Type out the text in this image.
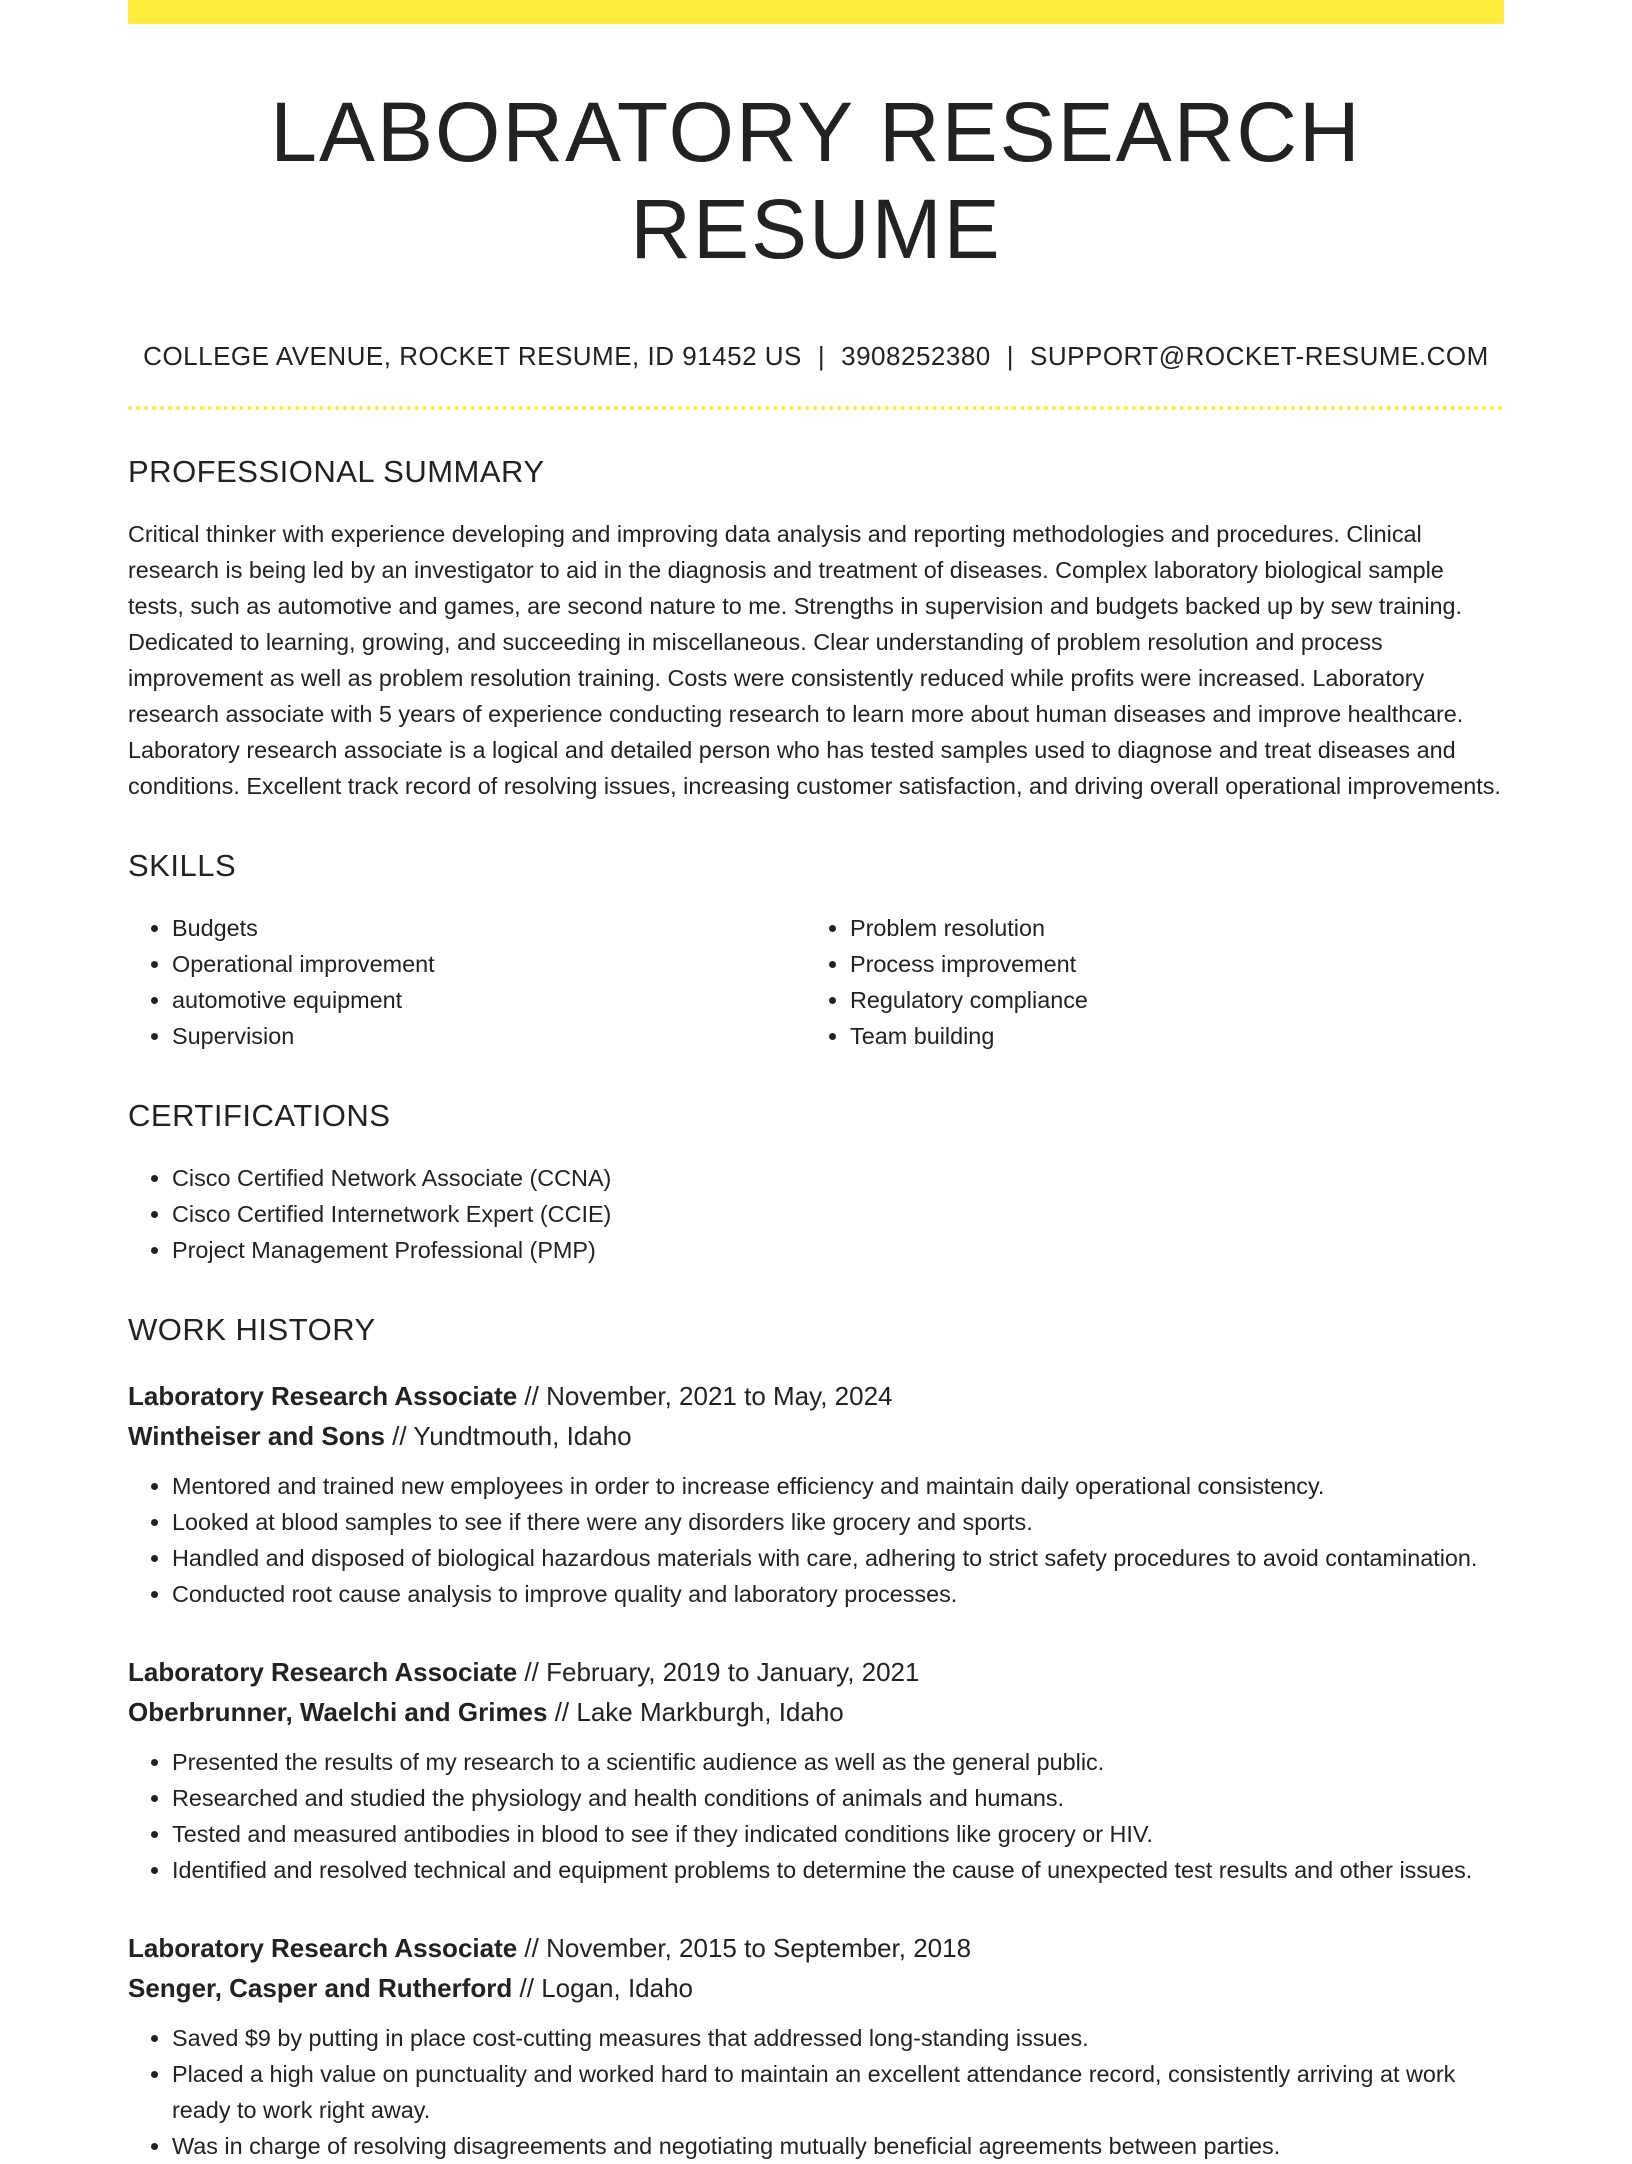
LABORATORY RESEARCH RESUME
COLLEGE AVENUE, ROCKET RESUME, ID 91452 US | 3908252380 | SUPPORT@ROCKET-RESUME.COM
PROFESSIONAL SUMMARY

Critical thinker with experience developing and improving data analysis and reporting methodologies and procedures. Clinical research is being led by an investigator to aid in the diagnosis and treatment of diseases. Complex laboratory biological sample tests, such as automotive and games, are second nature to me. Strengths in supervision and budgets backed up by sew training. Dedicated to learning, growing, and succeeding in miscellaneous. Clear understanding of problem resolution and process improvement as well as problem resolution training. Costs were consistently reduced while profits were increased. Laboratory research associate with 5 years of experience conducting research to learn more about human diseases and improve healthcare. Laboratory research associate is a logical and detailed person who has tested samples used to diagnose and treat diseases and conditions. Excellent track record of resolving issues, increasing customer satisfaction, and driving overall operational improvements.

SKILLS
• Budgets
• Operational improvement
• automotive equipment
• Supervision
• Problem resolution
• Process improvement
• Regulatory compliance
• Team building
CERTIFICATIONS
• Cisco Certified Network Associate (CCNA)
• Cisco Certified Internetwork Expert (CCIE)
• Project Management Professional (PMP)
WORK HISTORY
Laboratory Research Associate // November, 2021 to May, 2024
Wintheiser and Sons // Yundtmouth, Idaho
• Mentored and trained new employees in order to increase efficiency and maintain daily operational consistency.
• Looked at blood samples to see if there were any disorders like grocery and sports.
• Handled and disposed of biological hazardous materials with care, adhering to strict safety procedures to avoid contamination.
• Conducted root cause analysis to improve quality and laboratory processes.
Laboratory Research Associate // February, 2019 to January, 2021
Oberbrunner, Waelchi and Grimes // Lake Markburgh, Idaho
• Presented the results of my research to a scientific audience as well as the general public.
• Researched and studied the physiology and health conditions of animals and humans.
• Tested and measured antibodies in blood to see if they indicated conditions like grocery or HIV.
• Identified and resolved technical and equipment problems to determine the cause of unexpected test results and other issues.
Laboratory Research Associate // November, 2015 to September, 2018
Senger, Casper and Rutherford // Logan, Idaho
• Saved $9 by putting in place cost-cutting measures that addressed long-standing issues.
• Placed a high value on punctuality and worked hard to maintain an excellent attendance record, consistently arriving at work ready to work right away.
• Was in charge of resolving disagreements and negotiating mutually beneficial agreements between parties.
